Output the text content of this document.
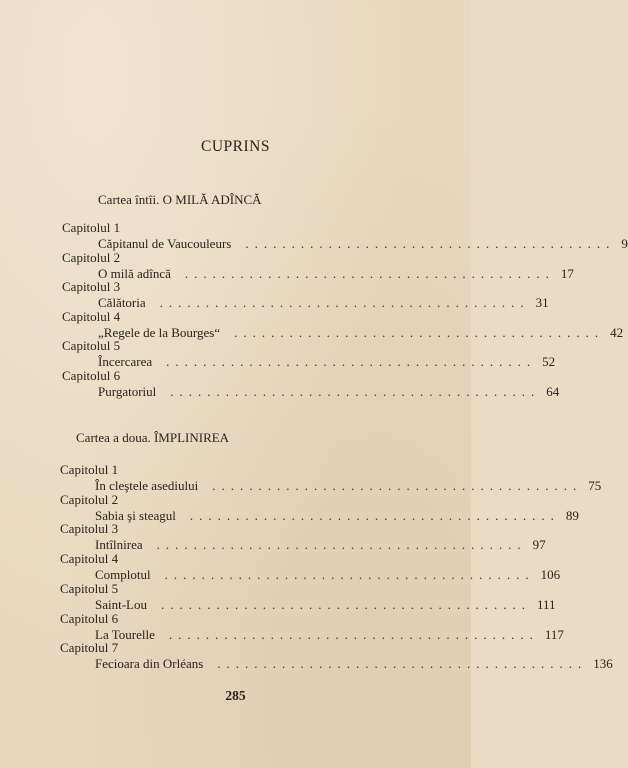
CUPRINS
Cartea întîi. O MILĂ ADÎNCĂ
Cartea a doua. ÎMPLINIREA
Capitolul 1
Căpitanul de Vaucouleurs	........................................ 9
Capitolul 2
O milă adîncă	........................................ 17
Capitolul 3
Călătoria	........................................ 31
Capitolul 4
„Regele de la Bourges“	........................................ 42
Capitolul 5
Încercarea	........................................ 52
Capitolul 6
Purgatoriul	........................................ 64
Capitolul 1
În cleştele asediului	........................................ 75
Capitolul 2
Sabia şi steagul	........................................ 89
Capitolul 3
Intîlnirea	........................................ 97
Capitolul 4
Complotul	........................................ 106
Capitolul 5
Saint-Lou	........................................ 111
Capitolul 6
La Tourelle	........................................ 117
Capitolul 7
Fecioara din Orléans	........................................ 136
285
